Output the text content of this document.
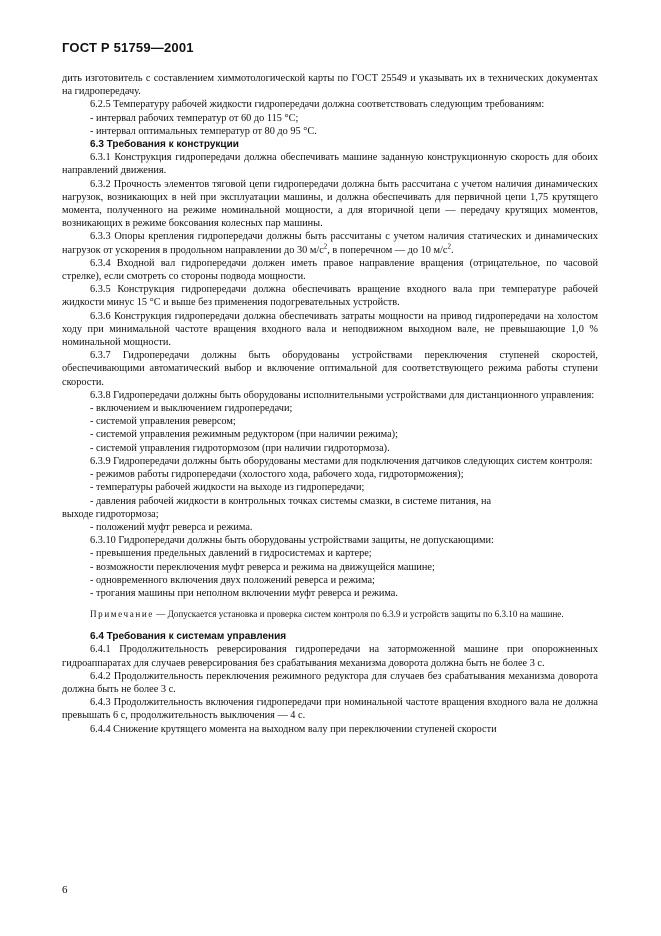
ГОСТ Р 51759—2001

дить изготовитель с составлением химмотологической карты по ГОСТ 25549 и указывать их в технических документах на гидропередачу.

6.2.5 Температуру рабочей жидкости гидропередачи должна соответствовать следующим требованиям:

- интервал рабочих температур от 60 до 115 °С;

- интервал оптимальных температур от 80 до 95 °С.

6.3 Требования к конструкции

6.3.1 Конструкция гидропередачи должна обеспечивать машине заданную конструкционную скорость для обоих направлений движения.

6.3.2 Прочность элементов тяговой цепи гидропередачи должна быть рассчитана с учетом наличия динамических нагрузок, возникающих в ней при эксплуатации машины, и должна обеспечивать для первичной цепи 1,75 крутящего момента, полученного на режиме номинальной мощности, а для вторичной цепи — передачу крутящих моментов, возникающих в режиме боксования колесных пар машины.

6.3.3 Опоры крепления гидропередачи должны быть рассчитаны с учетом наличия статических и динамических нагрузок от ускорения в продольном направлении до 30 $м/с^2$, в поперечном — до 10 $м/с^2$.

6.3.4 Входной вал гидропередачи должен иметь правое направление вращения (отрицательное, по часовой стрелке), если смотреть со стороны подвода мощности.

6.3.5 Конструкция гидропередачи должна обеспечивать вращение входного вала при температуре рабочей жидкости минус 15 °С и выше без применения подогревательных устройств.

6.3.6 Конструкция гидропередачи должна обеспечивать затраты мощности на привод гидропередачи на холостом ходу при минимальной частоте вращения входного вала и неподвижном выходном вале, не превышающие 1,0 % номинальной мощности.

6.3.7 Гидропередачи должны быть оборудованы устройствами переключения ступеней скоростей, обеспечивающими автоматический выбор и включение оптимальной для соответствующего режима работы ступени скорости.

6.3.8 Гидропередачи должны быть оборудованы исполнительными устройствами для дистанционного управления:

- включением и выключением гидропередачи;

- системой управления реверсом;

- системой управления режимным редуктором (при наличии режима);

- системой управления гидротормозом (при наличии гидротормоза).

6.3.9 Гидропередачи должны быть оборудованы местами для подключения датчиков следующих систем контроля:

- режимов работы гидропередачи (холостого хода, рабочего хода, гидроторможения);

- температуры рабочей жидкости на выходе из гидропередачи;

- давления рабочей жидкости в контрольных точках системы смазки, в системе питания, на

выходе гидротормоза;

- положений муфт реверса и режима.

6.3.10 Гидропередачи должны быть оборудованы устройствами защиты, не допускающими:

- превышения предельных давлений в гидросистемах и картере;

- возможности переключения муфт реверса и режима на движущейся машине;

- одновременного включения двух положений реверса и режима;

- трогания машины при неполном включении муфт реверса и режима.

Примечание — Допускается установка и проверка систем контроля по 6.3.9 и устройств защиты по 6.3.10 на машине.

6.4 Требования к системам управления

6.4.1 Продолжительность реверсирования гидропередачи на заторможенной машине при опорожненных гидроаппаратах для случаев реверсирования без срабатывания механизма доворота должна быть не более 3 с.

6.4.2 Продолжительность переключения режимного редуктора для случаев без срабатывания механизма доворота должна быть не более 3 с.

6.4.3 Продолжительность включения гидропередачи при номинальной частоте вращения входного вала не должна превышать 6 с, продолжительность выключения — 4 с.

6.4.4 Снижение крутящего момента на выходном валу при переключении ступеней скорости

6
